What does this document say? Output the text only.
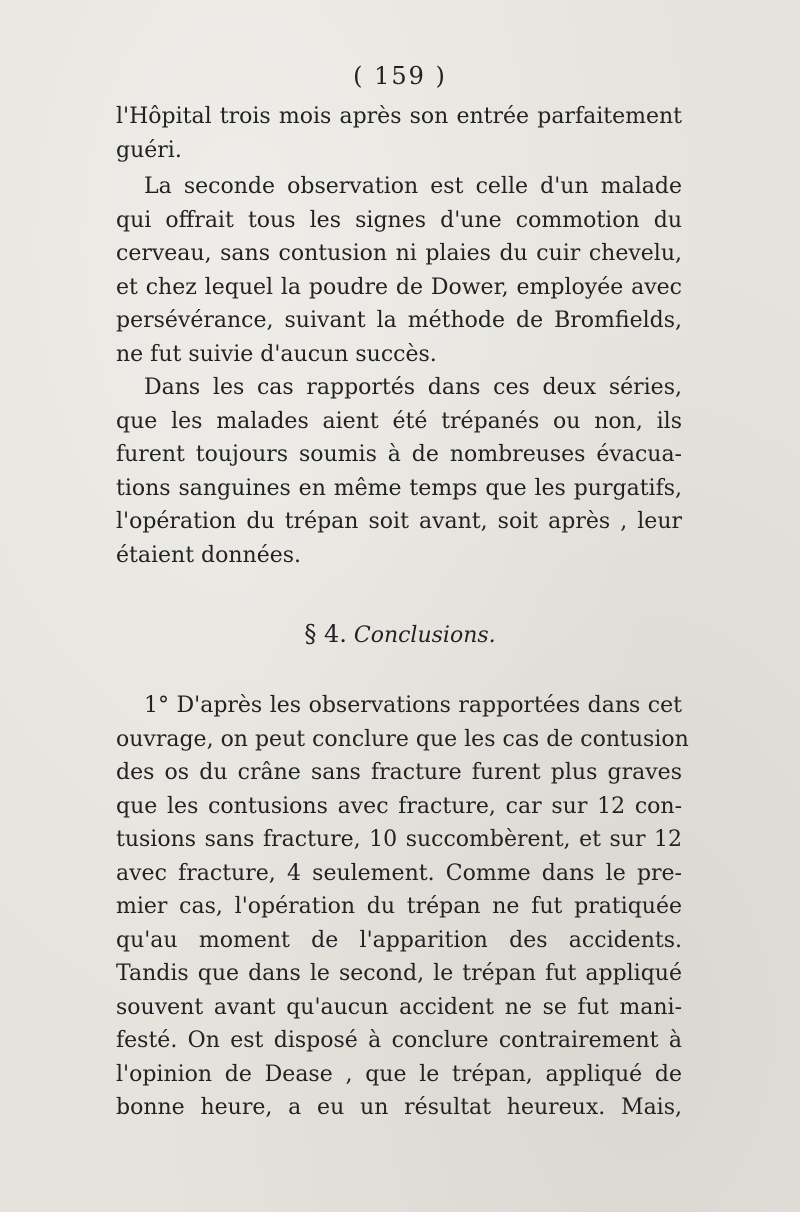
( 159 )
l'Hôpital trois mois après son entrée parfaitement
guéri.
La seconde observation est celle d'un malade
qui offrait tous les signes d'une commotion du
cerveau, sans contusion ni plaies du cuir chevelu,
et chez lequel la poudre de Dower, employée avec
persévérance, suivant la méthode de Bromfields,
ne fut suivie d'aucun succès.
Dans les cas rapportés dans ces deux séries,
que les malades aient été trépanés ou non, ils
furent toujours soumis à de nombreuses évacua-
tions sanguines en même temps que les purgatifs,
l'opération du trépan soit avant, soit après , leur
étaient données.
§ 4. Conclusions.
1° D'après les observations rapportées dans cet
ouvrage, on peut conclure que les cas de contusion
des os du crâne sans fracture furent plus graves
que les contusions avec fracture, car sur 12 con-
tusions sans fracture, 10 succombèrent, et sur 12
avec fracture, 4 seulement. Comme dans le pre-
mier cas, l'opération du trépan ne fut pratiquée
qu'au moment de l'apparition des accidents.
Tandis que dans le second, le trépan fut appliqué
souvent avant qu'aucun accident ne se fut mani-
festé. On est disposé à conclure contrairement à
l'opinion de Dease , que le trépan, appliqué de
bonne heure, a eu un résultat heureux. Mais,
